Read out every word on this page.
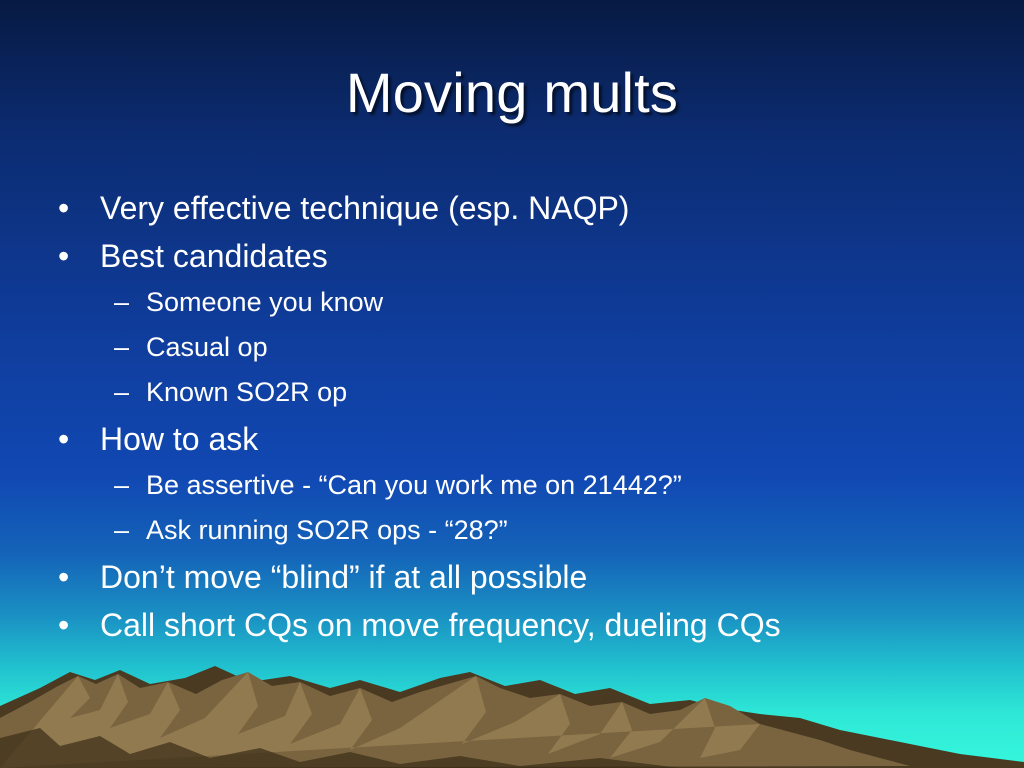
Moving mults
• Very effective technique (esp. NAQP)
• Best candidates
– Someone you know
– Casual op
– Known SO2R op
• How to ask
– Be assertive - “Can you work me on 21442?”
– Ask running SO2R ops - “28?”
• Don’t move “blind” if at all possible
• Call short CQs on move frequency, dueling CQs
